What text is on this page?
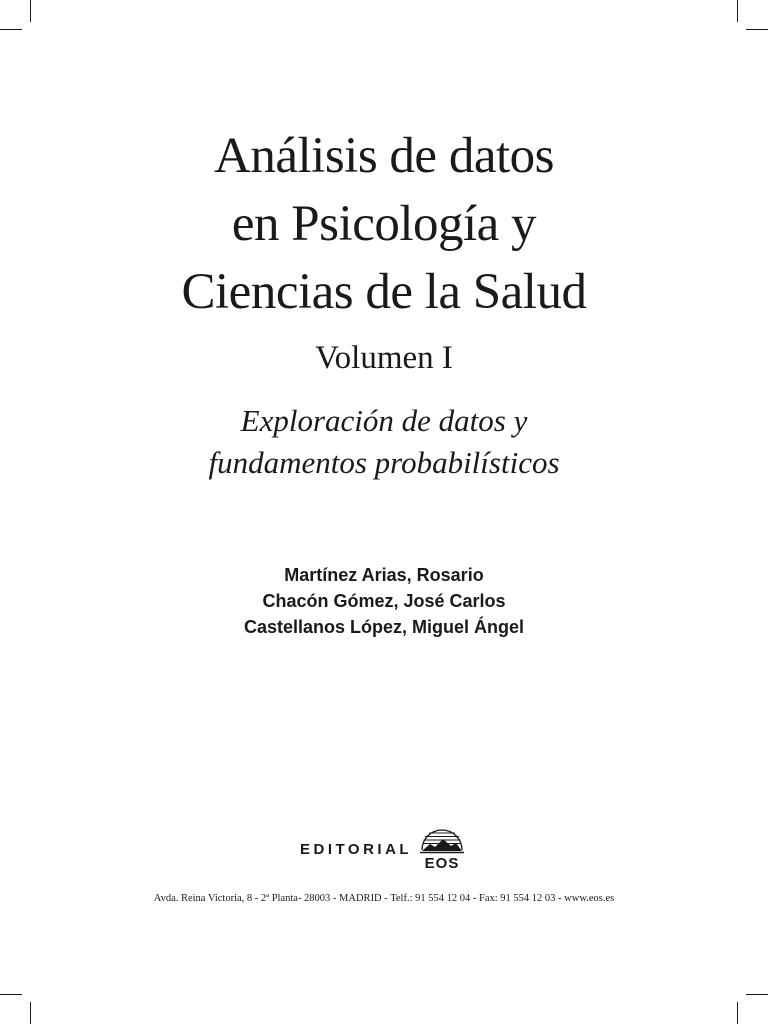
Análisis de datos
en Psicología y
Ciencias de la Salud
Volumen I
Exploración de datos y
fundamentos probabilísticos
Martínez Arias, Rosario
Chacón Gómez, José Carlos
Castellanos López, Miguel Ángel
EDITORIAL
EOS
Avda. Reina Victoria, 8 - 2ª Planta- 28003 - MADRID - Telf.: 91 554 12 04 - Fax: 91 554 12 03 - www.eos.es
